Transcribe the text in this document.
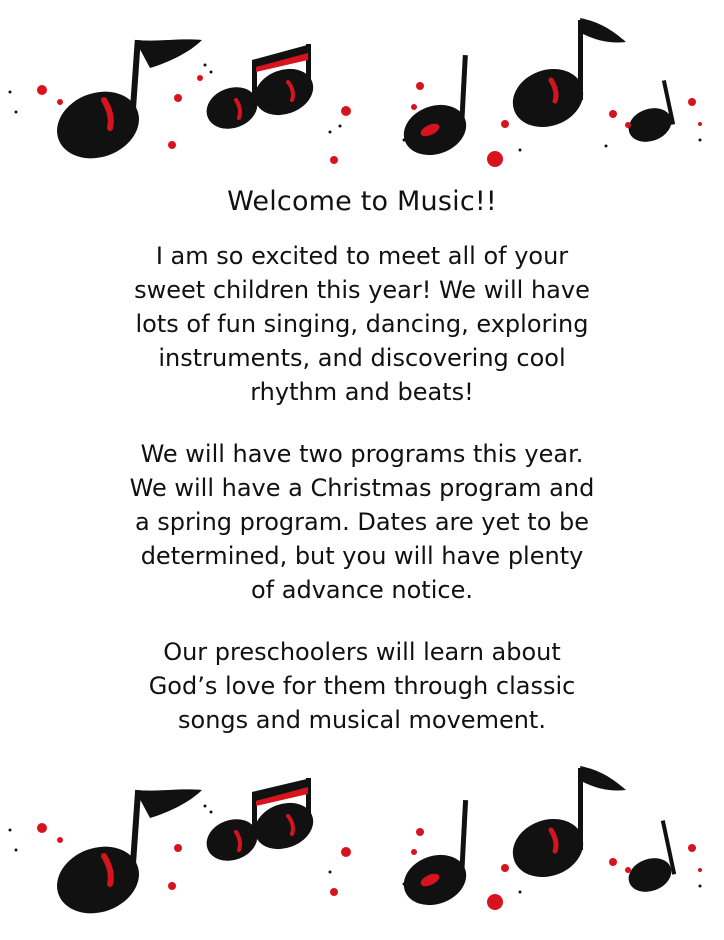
Welcome to Music!!
I am so excited to meet all of your
sweet children this year! We will have
lots of fun singing, dancing, exploring
instruments, and discovering cool
rhythm and beats!
We will have two programs this year.
We will have a Christmas program and
a spring program. Dates are yet to be
determined, but you will have plenty
of advance notice.
Our preschoolers will learn about
God’s love for them through classic
songs and musical movement.
